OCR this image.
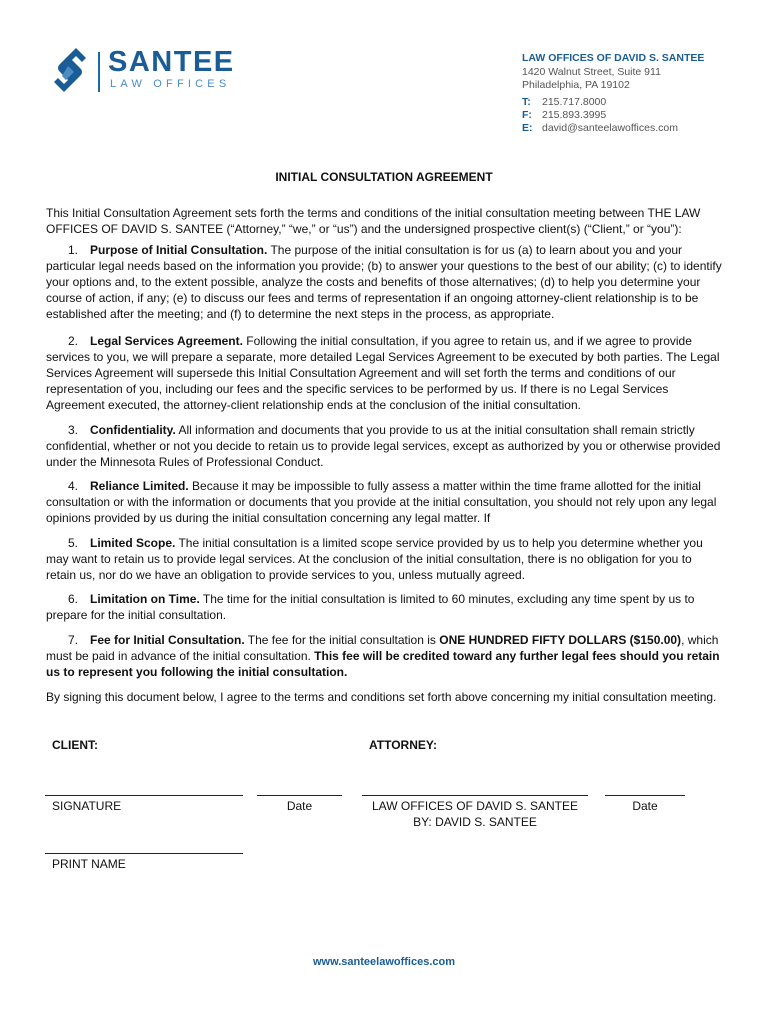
SANTEE
LAW OFFICES
LAW OFFICES OF DAVID S. SANTEE
1420 Walnut Street, Suite 911
Philadelphia, PA 19102
T: 215.717.8000
F: 215.893.3995
E: david@santeelawoffices.com
INITIAL CONSULTATION AGREEMENT
This Initial Consultation Agreement sets forth the terms and conditions of the initial consultation meeting between THE LAW OFFICES OF DAVID S. SANTEE (“Attorney,” “we,” or “us”) and the undersigned prospective client(s) (“Client,” or “you”):
1. Purpose of Initial Consultation. The purpose of the initial consultation is for us (a) to learn about you and your particular legal needs based on the information you provide; (b) to answer your questions to the best of our ability; (c) to identify your options and, to the extent possible, analyze the costs and benefits of those alternatives; (d) to help you determine your course of action, if any; (e) to discuss our fees and terms of representation if an ongoing attorney-client relationship is to be established after the meeting; and (f) to determine the next steps in the process, as appropriate.
2. Legal Services Agreement. Following the initial consultation, if you agree to retain us, and if we agree to provide services to you, we will prepare a separate, more detailed Legal Services Agreement to be executed by both parties. The Legal Services Agreement will supersede this Initial Consultation Agreement and will set forth the terms and conditions of our representation of you, including our fees and the specific services to be performed by us. If there is no Legal Services Agreement executed, the attorney-client relationship ends at the conclusion of the initial consultation.
3. Confidentiality. All information and documents that you provide to us at the initial consultation shall remain strictly confidential, whether or not you decide to retain us to provide legal services, except as authorized by you or otherwise provided under the Minnesota Rules of Professional Conduct.
4. Reliance Limited. Because it may be impossible to fully assess a matter within the time frame allotted for the initial consultation or with the information or documents that you provide at the initial consultation, you should not rely upon any legal opinions provided by us during the initial consultation concerning any legal matter. If
5. Limited Scope. The initial consultation is a limited scope service provided by us to help you determine whether you may want to retain us to provide legal services. At the conclusion of the initial consultation, there is no obligation for you to retain us, nor do we have an obligation to provide services to you, unless mutually agreed.
6. Limitation on Time. The time for the initial consultation is limited to 60 minutes, excluding any time spent by us to prepare for the initial consultation.
7. Fee for Initial Consultation. The fee for the initial consultation is ONE HUNDRED FIFTY DOLLARS ($150.00), which must be paid in advance of the initial consultation. This fee will be credited toward any further legal fees should you retain us to represent you following the initial consultation.
By signing this document below, I agree to the terms and conditions set forth above concerning my initial consultation meeting.
CLIENT:	ATTORNEY:
SIGNATURE	Date	LAW OFFICES OF DAVID S. SANTEE
BY: DAVID S. SANTEE
Date
PRINT NAME
www.santeelawoffices.com
